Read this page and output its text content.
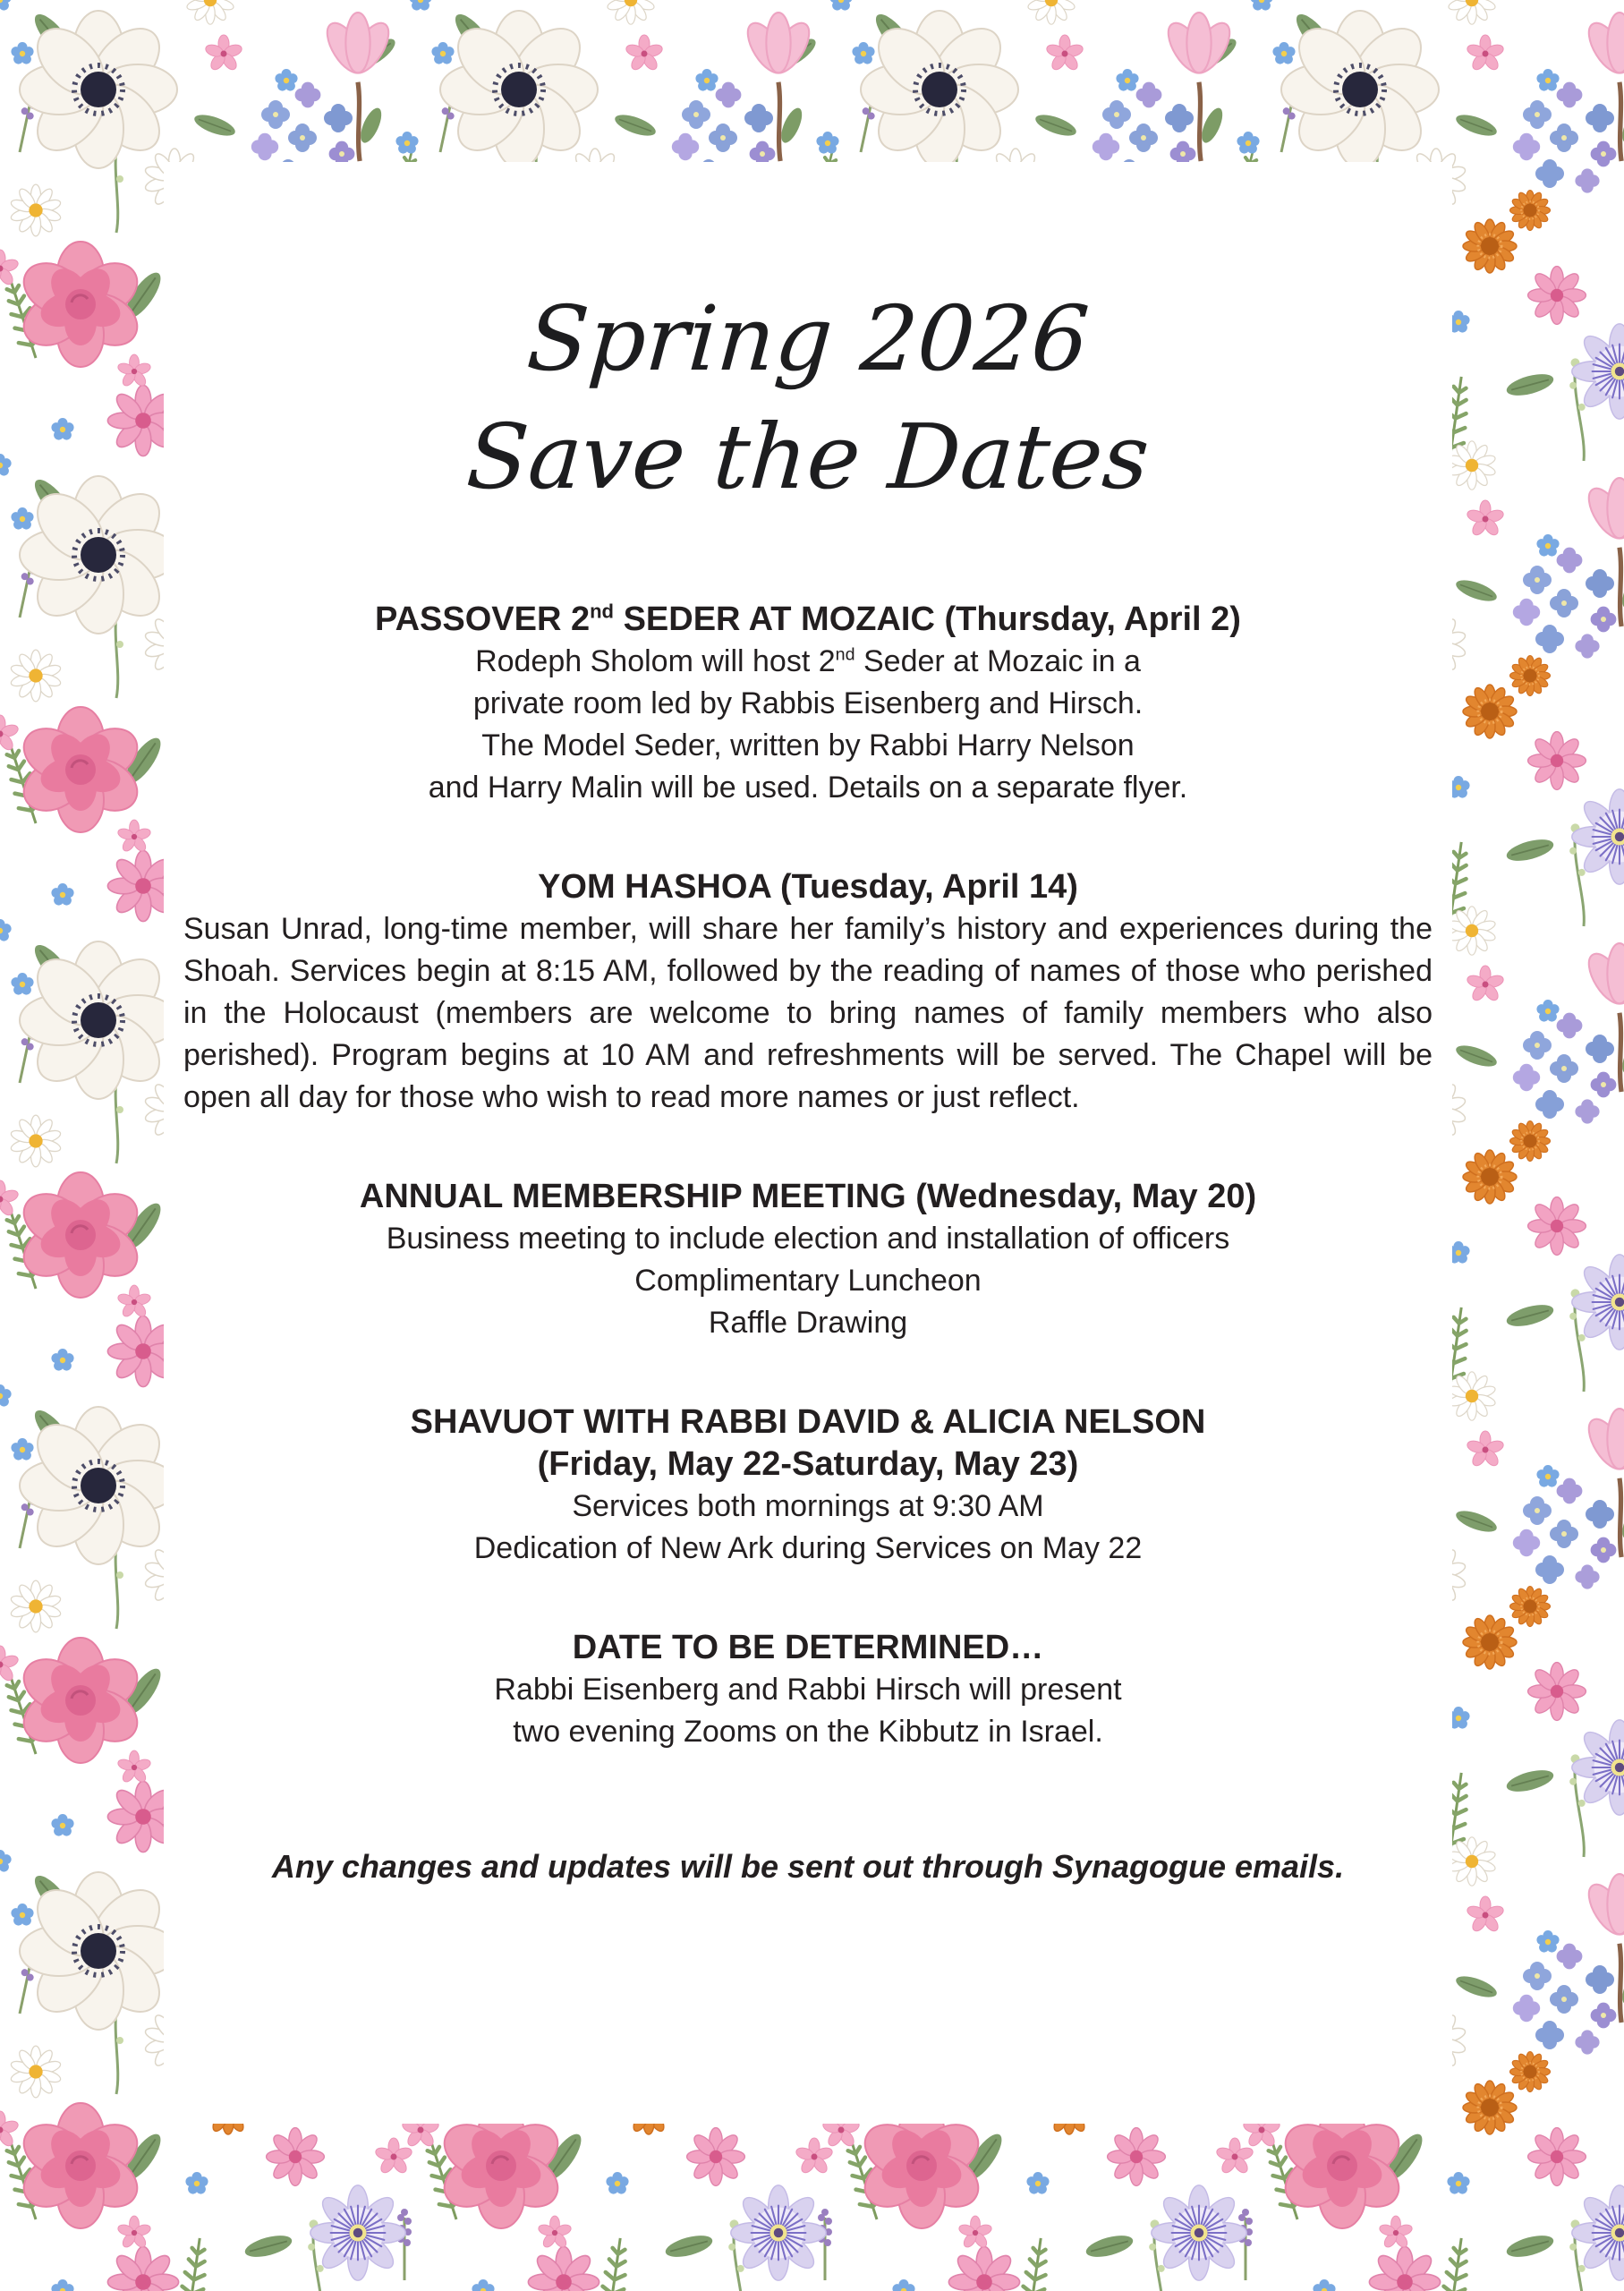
Spring 2026
Save the Dates
PASSOVER 2nd SEDER AT MOZAIC (Thursday, April 2)

Rodeph Sholom will host 2nd Seder at Mozaic in a

private room led by Rabbis Eisenberg and Hirsch.

The Model Seder, written by Rabbi Harry Nelson

and Harry Malin will be used. Details on a separate flyer.

YOM HASHOA (Tuesday, April 14)

Susan Unrad, long-time member, will share her family’s history and experiences during the Shoah. Services begin at 8:15 AM, followed by the reading of names of those who perished in the Holocaust (members are welcome to bring names of family members who also perished). Program begins at 10 AM and refreshments will be served. The Chapel will be open all day for those who wish to read more names or just reflect.

ANNUAL MEMBERSHIP MEETING (Wednesday, May 20)

Business meeting to include election and installation of officers

Complimentary Luncheon

Raffle Drawing

SHAVUOT WITH RABBI DAVID & ALICIA NELSON
(Friday, May 22-Saturday, May 23)

Services both mornings at 9:30 AM

Dedication of New Ark during Services on May 22

DATE TO BE DETERMINED…

Rabbi Eisenberg and Rabbi Hirsch will present

two evening Zooms on the Kibbutz in Israel.

Any changes and updates will be sent out through Synagogue emails.
